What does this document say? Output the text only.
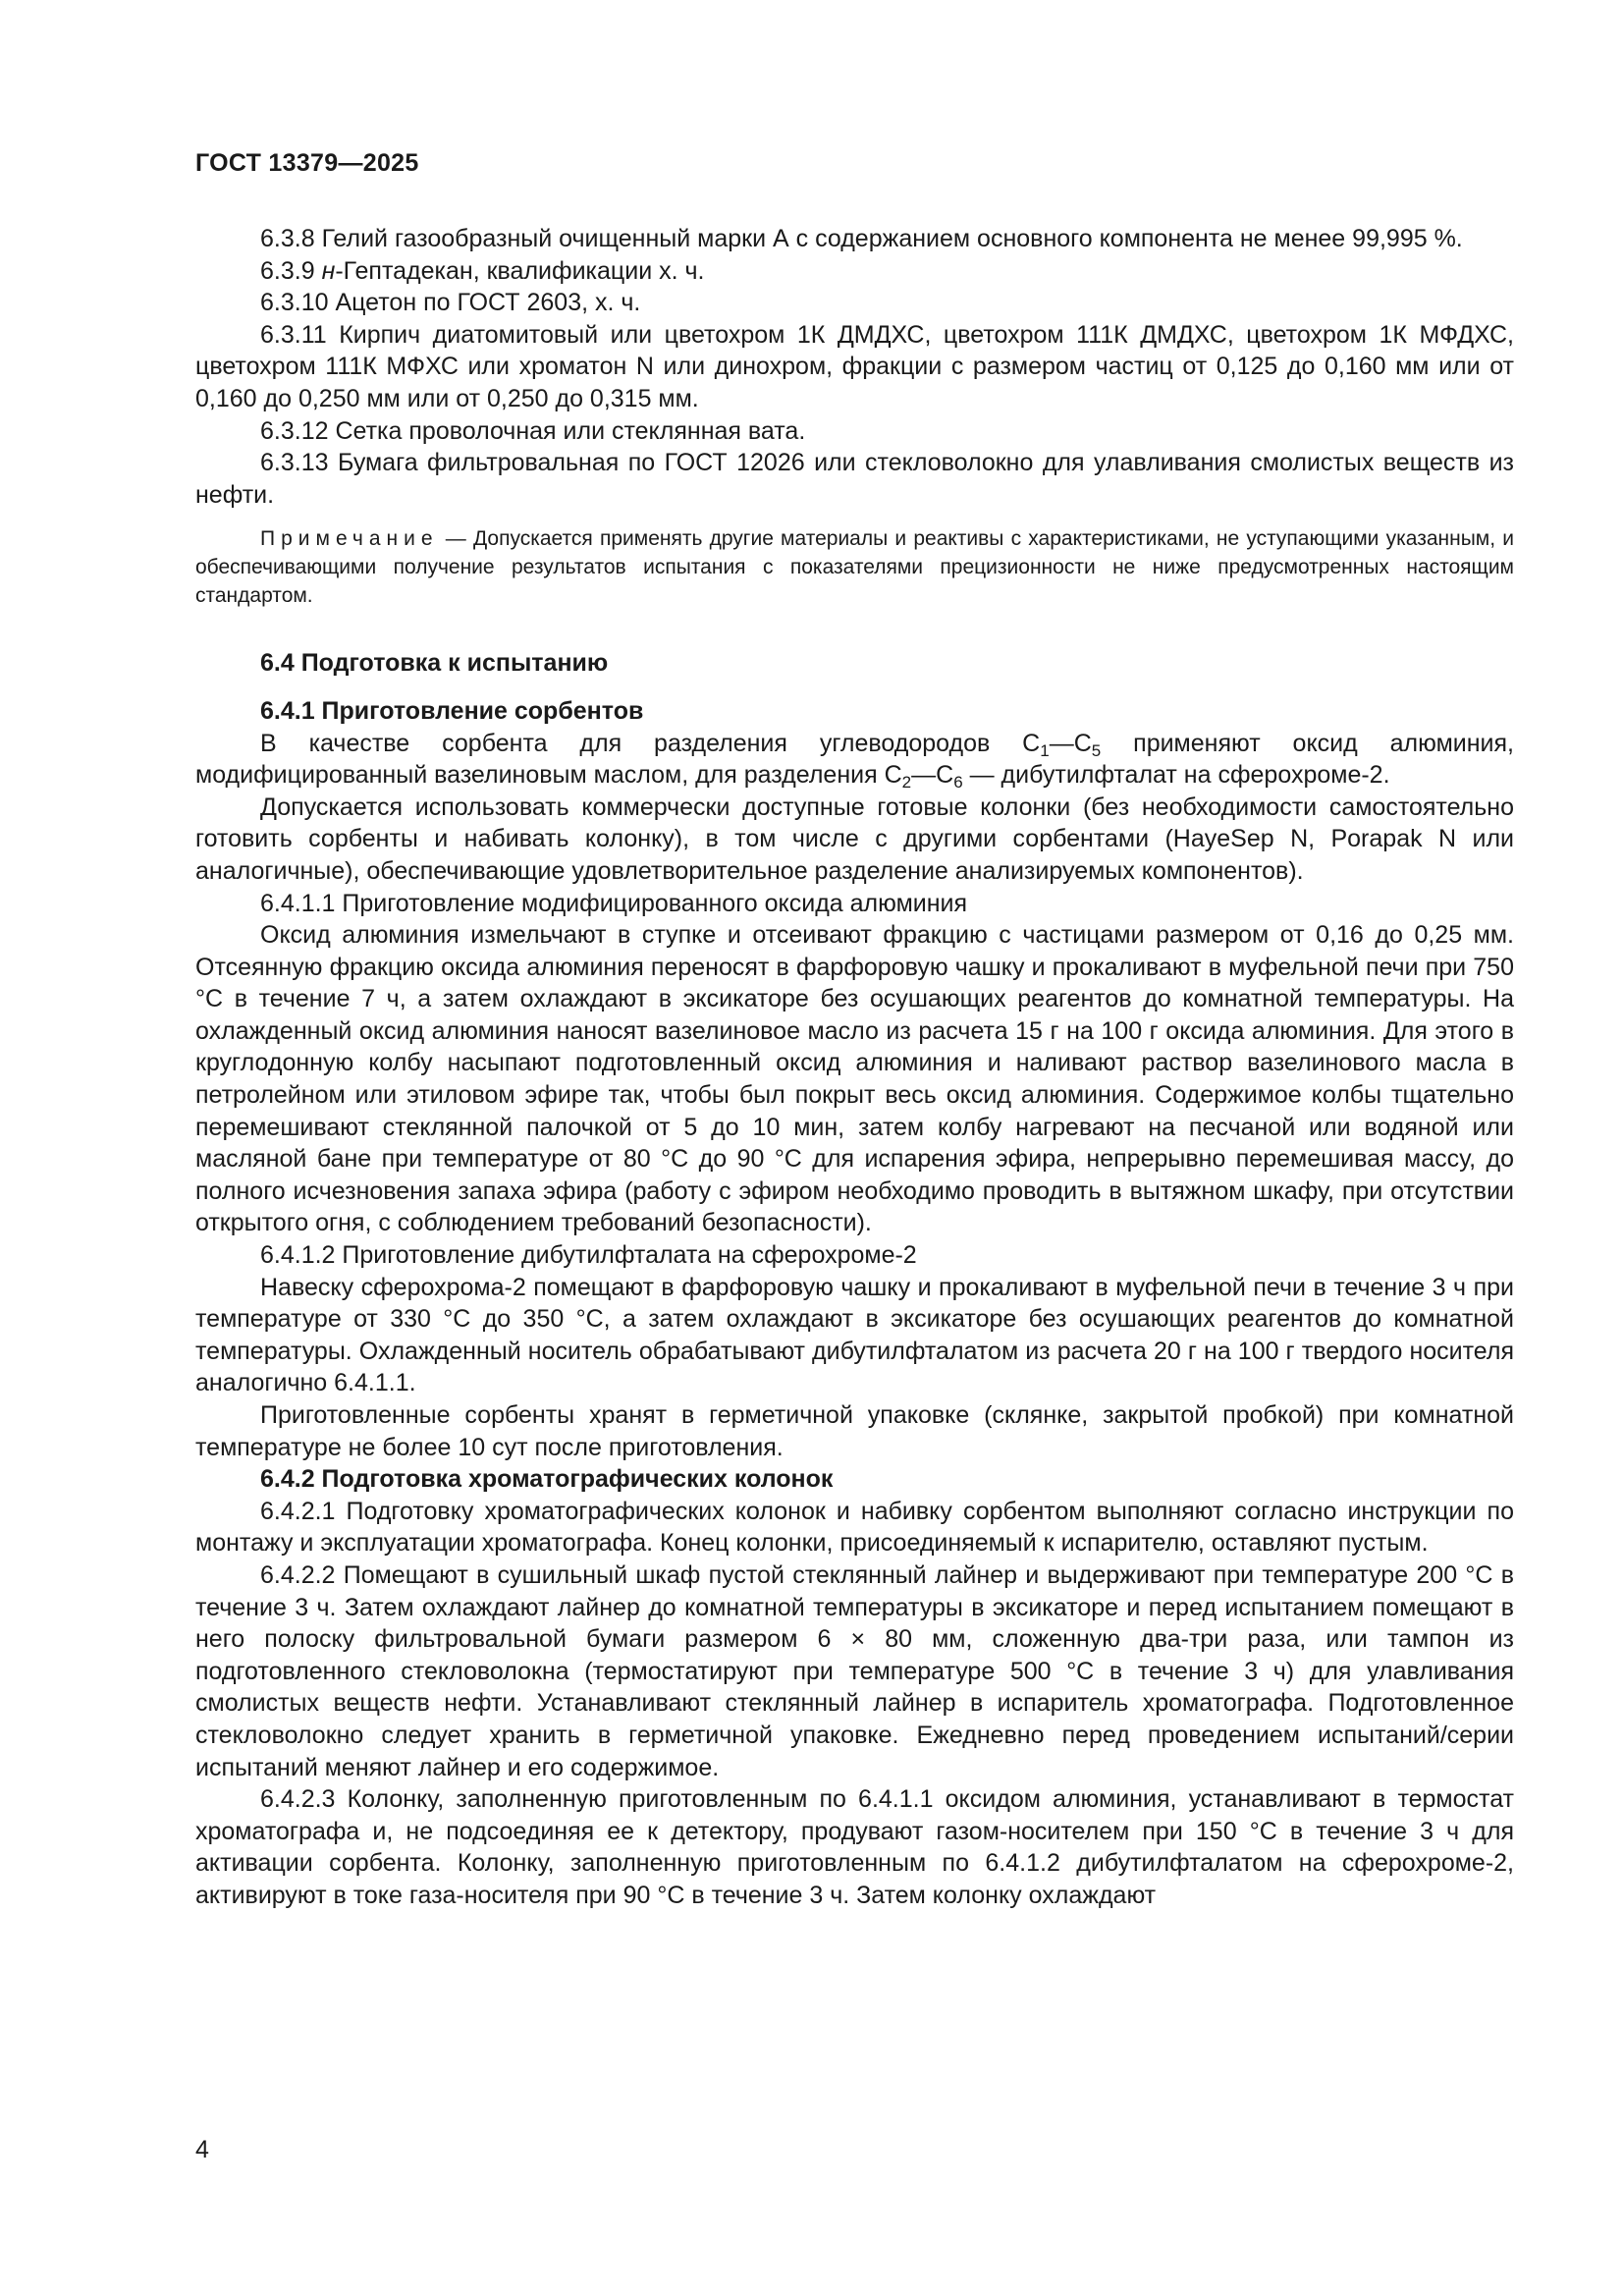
ГОСТ 13379—2025

6.3.8 Гелий газообразный очищенный марки А с содержанием основного компонента не менее 99,995 %.

6.3.9 н-Гептадекан, квалификации х. ч.

6.3.10 Ацетон по ГОСТ 2603, х. ч.

6.3.11 Кирпич диатомитовый или цветохром 1К ДМДХС, цветохром 111К ДМДХС, цветохром 1К МФДХС, цветохром 111К МФХС или хроматон N или динохром, фракции с размером частиц от 0,125 до 0,160 мм или от 0,160 до 0,250 мм или от 0,250 до 0,315 мм.

6.3.12 Сетка проволочная или стеклянная вата.

6.3.13 Бумага фильтровальная по ГОСТ 12026 или стекловолокно для улавливания смолистых веществ из нефти.

Примечание — Допускается применять другие материалы и реактивы с характеристиками, не уступающими указанным, и обеспечивающими получение результатов испытания с показателями прецизионности не ниже предусмотренных настоящим стандартом.

6.4 Подготовка к испытанию

6.4.1 Приготовление сорбентов

В качестве сорбента для разделения углеводородов $С_1—С_5$ применяют оксид алюминия, модифицированный вазелиновым маслом, для разделения $С_2—С_6$ — дибутилфталат на сферохроме-2.

Допускается использовать коммерчески доступные готовые колонки (без необходимости самостоятельно готовить сорбенты и набивать колонку), в том числе с другими сорбентами (HayeSep N, Porapak N или аналогичные), обеспечивающие удовлетворительное разделение анализируемых компонентов).

6.4.1.1 Приготовление модифицированного оксида алюминия

Оксид алюминия измельчают в ступке и отсеивают фракцию с частицами размером от 0,16 до 0,25 мм. Отсеянную фракцию оксида алюминия переносят в фарфоровую чашку и прокаливают в муфельной печи при 750 °С в течение 7 ч, а затем охлаждают в эксикаторе без осушающих реагентов до комнатной температуры. На охлажденный оксид алюминия наносят вазелиновое масло из расчета 15 г на 100 г оксида алюминия. Для этого в круглодонную колбу насыпают подготовленный оксид алюминия и наливают раствор вазелинового масла в петролейном или этиловом эфире так, чтобы был покрыт весь оксид алюминия. Содержимое колбы тщательно перемешивают стеклянной палочкой от 5 до 10 мин, затем колбу нагревают на песчаной или водяной или масляной бане при температуре от 80 °С до 90 °С для испарения эфира, непрерывно перемешивая массу, до полного исчезновения запаха эфира (работу с эфиром необходимо проводить в вытяжном шкафу, при отсутствии открытого огня, с соблюдением требований безопасности).

6.4.1.2 Приготовление дибутилфталата на сферохроме-2

Навеску сферохрома-2 помещают в фарфоровую чашку и прокаливают в муфельной печи в течение 3 ч при температуре от 330 °С до 350 °С, а затем охлаждают в эксикаторе без осушающих реагентов до комнатной температуры. Охлажденный носитель обрабатывают дибутилфталатом из расчета 20 г на 100 г твердого носителя аналогично 6.4.1.1.

Приготовленные сорбенты хранят в герметичной упаковке (склянке, закрытой пробкой) при комнатной температуре не более 10 сут после приготовления.

6.4.2 Подготовка хроматографических колонок

6.4.2.1 Подготовку хроматографических колонок и набивку сорбентом выполняют согласно инструкции по монтажу и эксплуатации хроматографа. Конец колонки, присоединяемый к испарителю, оставляют пустым.

6.4.2.2 Помещают в сушильный шкаф пустой стеклянный лайнер и выдерживают при температуре 200 °С в течение 3 ч. Затем охлаждают лайнер до комнатной температуры в эксикаторе и перед испытанием помещают в него полоску фильтровальной бумаги размером 6 × 80 мм, сложенную два-три раза, или тампон из подготовленного стекловолокна (термостатируют при температуре 500 °С в течение 3 ч) для улавливания смолистых веществ нефти. Устанавливают стеклянный лайнер в испаритель хроматографа. Подготовленное стекловолокно следует хранить в герметичной упаковке. Ежедневно перед проведением испытаний/серии испытаний меняют лайнер и его содержимое.

6.4.2.3 Колонку, заполненную приготовленным по 6.4.1.1 оксидом алюминия, устанавливают в термостат хроматографа и, не подсоединяя ее к детектору, продувают газом-носителем при 150 °С в течение 3 ч для активации сорбента. Колонку, заполненную приготовленным по 6.4.1.2 дибутилфталатом на сферохроме-2, активируют в токе газа-носителя при 90 °С в течение 3 ч. Затем колонку охлаждают

4
